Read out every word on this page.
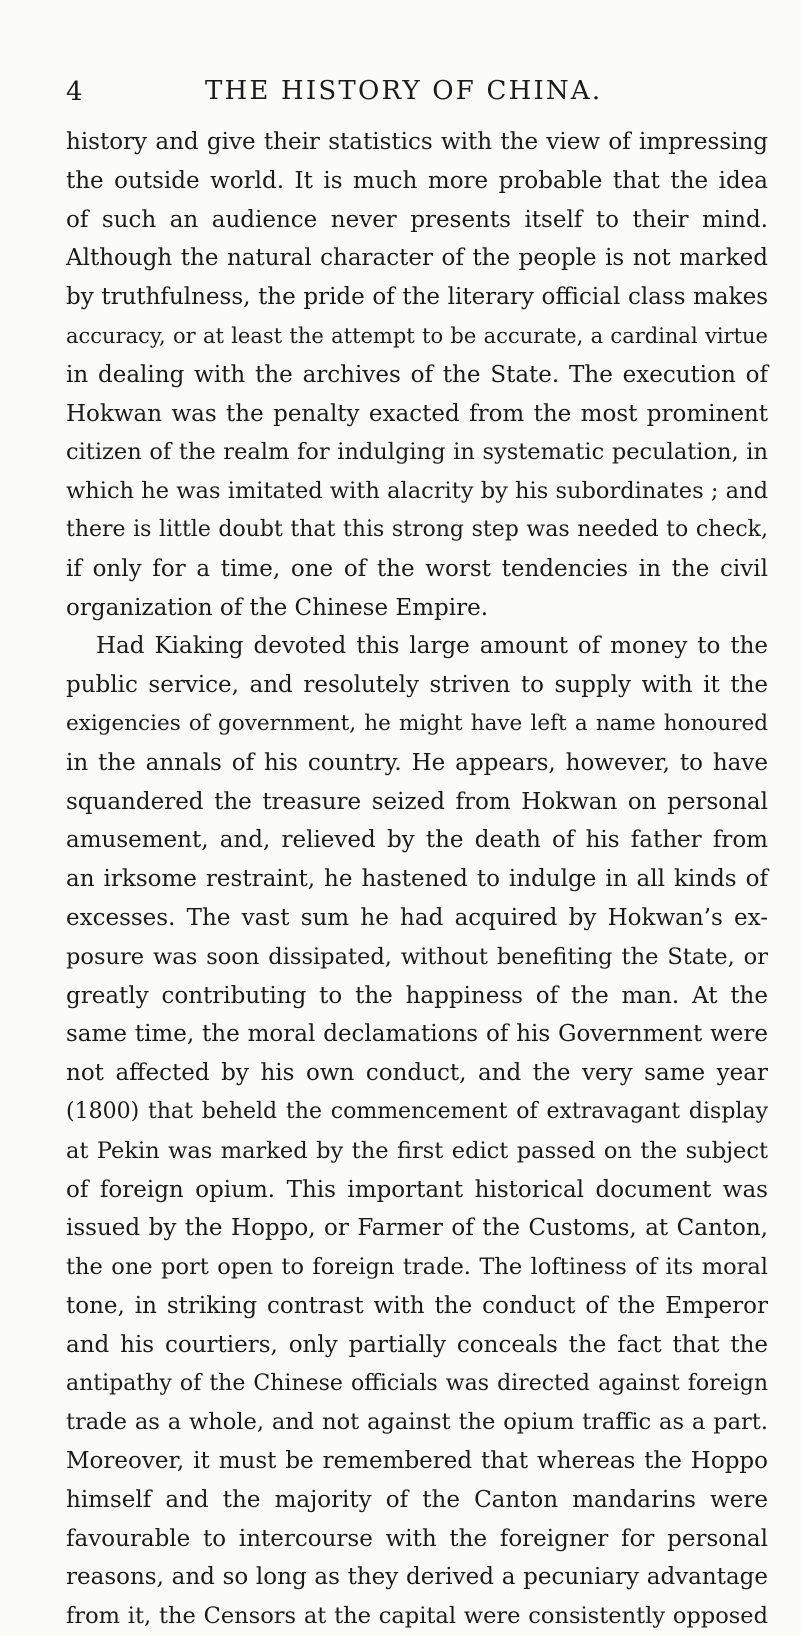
4	THE HISTORY OF CHINA.
history and give their statistics with the view of impressing
the outside world. It is much more probable that the idea
of such an audience never presents itself to their mind.
Although the natural character of the people is not marked
by truthfulness, the pride of the literary official class makes
accuracy, or at least the attempt to be accurate, a cardinal virtue
in dealing with the archives of the State. The execution of
Hokwan was the penalty exacted from the most prominent
citizen of the realm for indulging in systematic peculation, in
which he was imitated with alacrity by his subordinates ; and
there is little doubt that this strong step was needed to check,
if only for a time, one of the worst tendencies in the civil
organization of the Chinese Empire.
Had Kiaking devoted this large amount of money to the
public service, and resolutely striven to supply with it the
exigencies of government, he might have left a name honoured
in the annals of his country. He appears, however, to have
squandered the treasure seized from Hokwan on personal
amusement, and, relieved by the death of his father from
an irksome restraint, he hastened to indulge in all kinds of
excesses. The vast sum he had acquired by Hokwan’s ex-
posure was soon dissipated, without benefiting the State, or
greatly contributing to the happiness of the man. At the
same time, the moral declamations of his Government were
not affected by his own conduct, and the very same year
(1800) that beheld the commencement of extravagant display
at Pekin was marked by the first edict passed on the subject
of foreign opium. This important historical document was
issued by the Hoppo, or Farmer of the Customs, at Canton,
the one port open to foreign trade. The loftiness of its moral
tone, in striking contrast with the conduct of the Emperor
and his courtiers, only partially conceals the fact that the
antipathy of the Chinese officials was directed against foreign
trade as a whole, and not against the opium traffic as a part.
Moreover, it must be remembered that whereas the Hoppo
himself and the majority of the Canton mandarins were
favourable to intercourse with the foreigner for personal
reasons, and so long as they derived a pecuniary advantage
from it, the Censors at the capital were consistently opposed
